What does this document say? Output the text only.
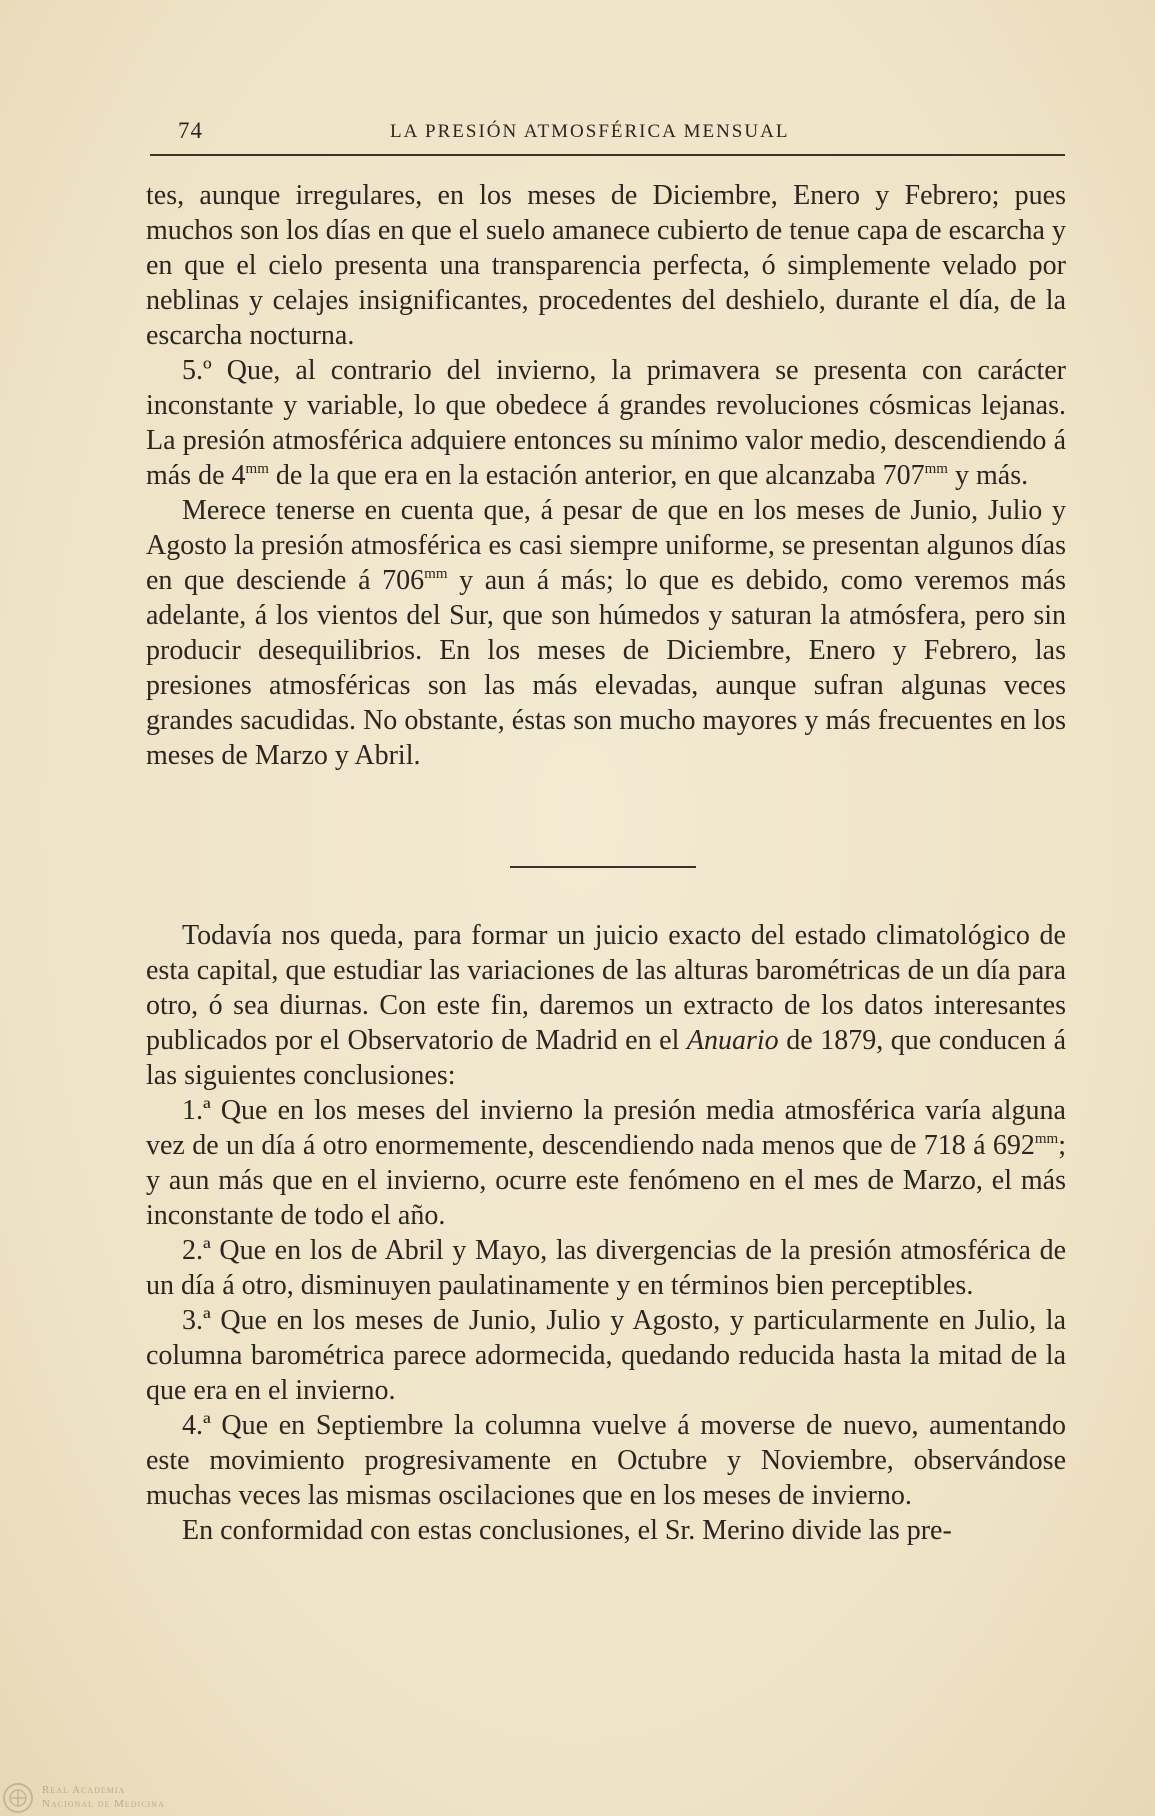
74	LA PRESIÓN ATMOSFÉRICA MENSUAL

tes, aunque irregulares, en los meses de Diciembre, Enero y Febrero; pues muchos son los días en que el suelo amanece cubierto de tenue capa de escarcha y en que el cielo presenta una transparencia perfecta, ó simplemente velado por neblinas y celajes insignificantes, procedentes del deshielo, durante el día, de la escarcha nocturna.

5.º Que, al contrario del invierno, la primavera se presenta con carácter inconstante y variable, lo que obedece á grandes revoluciones cósmicas lejanas. La presión atmosférica adquiere entonces su mínimo valor medio, descendiendo á más de $4^{mm}$ de la que era en la estación anterior, en que alcanzaba $707^{mm}$ y más.

Merece tenerse en cuenta que, á pesar de que en los meses de Junio, Julio y Agosto la presión atmosférica es casi siempre uniforme, se presentan algunos días en que desciende á $706^{mm}$ y aun á más; lo que es debido, como veremos más adelante, á los vientos del Sur, que son húmedos y saturan la atmósfera, pero sin producir desequilibrios. En los meses de Diciembre, Enero y Febrero, las presiones atmosféricas son las más elevadas, aunque sufran algunas veces grandes sacudidas. No obstante, éstas son mucho mayores y más frecuentes en los meses de Marzo y Abril.

Todavía nos queda, para formar un juicio exacto del estado climatológico de esta capital, que estudiar las variaciones de las alturas barométricas de un día para otro, ó sea diurnas. Con este fin, daremos un extracto de los datos interesantes publicados por el Observatorio de Madrid en el Anuario de 1879, que conducen á las siguientes conclusiones:

1.ª Que en los meses del invierno la presión media atmosférica varía alguna vez de un día á otro enormemente, descendiendo nada menos que de 718 á $692^{mm}$; y aun más que en el invierno, ocurre este fenómeno en el mes de Marzo, el más inconstante de todo el año.

2.ª Que en los de Abril y Mayo, las divergencias de la presión atmosférica de un día á otro, disminuyen paulatinamente y en términos bien perceptibles.

3.ª Que en los meses de Junio, Julio y Agosto, y particularmente en Julio, la columna barométrica parece adormecida, quedando reducida hasta la mitad de la que era en el invierno.

4.ª Que en Septiembre la columna vuelve á moverse de nuevo, aumentando este movimiento progresivamente en Octubre y Noviembre, observándose muchas veces las mismas oscilaciones que en los meses de invierno.

En conformidad con estas conclusiones, el Sr. Merino divide las pre-

Real Academia
Nacional de Medicina
